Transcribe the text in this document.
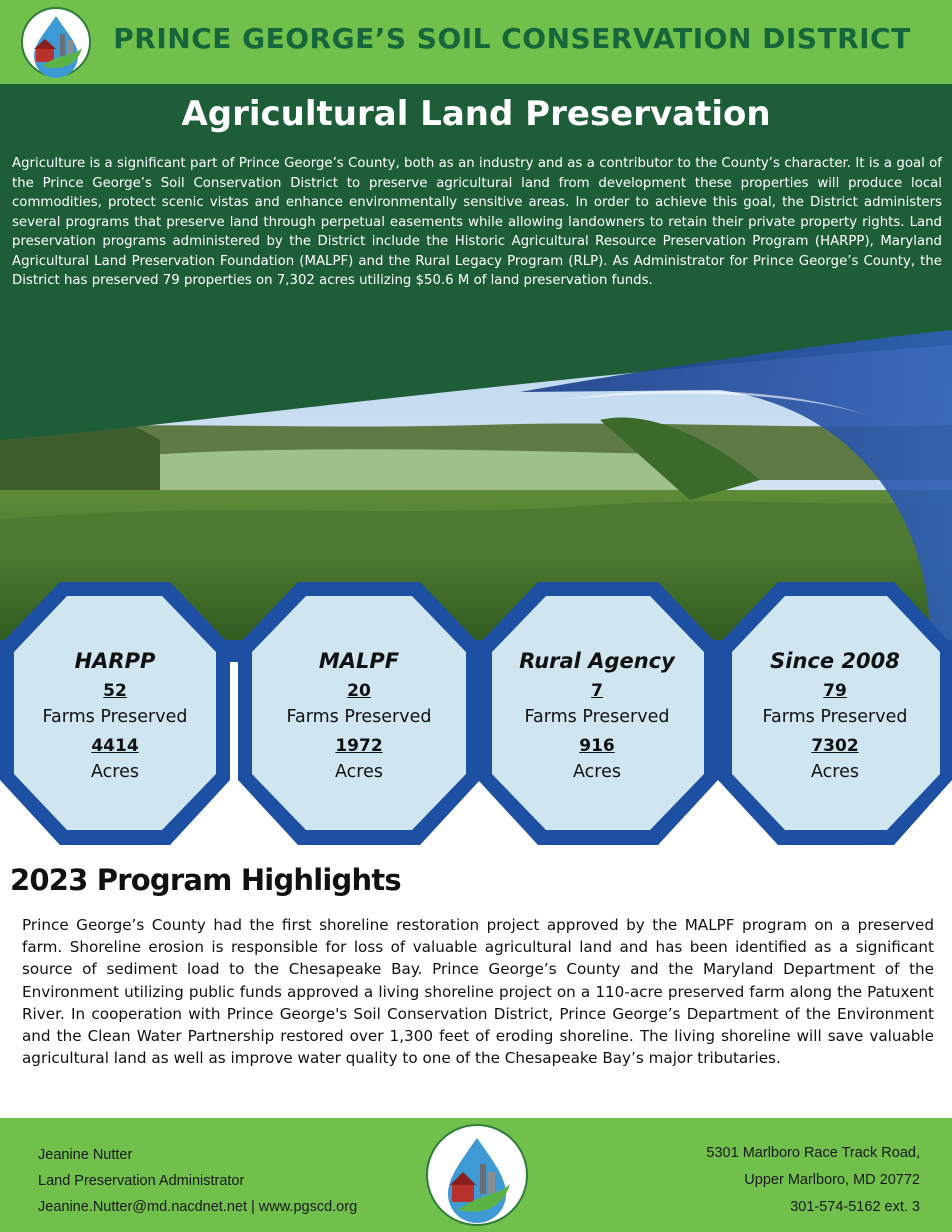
PRINCE GEORGE’S SOIL CONSERVATION DISTRICT
Agricultural Land Preservation
Agriculture is a significant part of Prince George’s County, both as an industry and as a contributor to the County’s character. It is a goal of the Prince George’s Soil Conservation District to preserve agricultural land from development these properties will produce local commodities, protect scenic vistas and enhance environmentally sensitive areas. In order to achieve this goal, the District administers several programs that preserve land through perpetual easements while allowing landowners to retain their private property rights. Land preservation programs administered by the District include the Historic Agricultural Resource Preservation Program (HARPP), Maryland Agricultural Land Preservation Foundation (MALPF) and the Rural Legacy Program (RLP). As Administrator for Prince George’s County, the District has preserved 79 properties on 7,302 acres utilizing $50.6 M of land preservation funds.
HARPP
52
Farms Preserved
4414
Acres
MALPF
20
Farms Preserved
1972
Acres
Rural Agency
7
Farms Preserved
916
Acres
Since 2008
79
Farms Preserved
7302
Acres
2023 Program Highlights
Prince George’s County had the first shoreline restoration project approved by the MALPF program on a preserved farm. Shoreline erosion is responsible for loss of valuable agricultural land and has been identified as a significant source of sediment load to the Chesapeake Bay. Prince George’s County and the Maryland Department of the Environment utilizing public funds approved a living shoreline project on a 110-acre preserved farm along the Patuxent River. In cooperation with Prince George's Soil Conservation District, Prince George’s Department of the Environment and the Clean Water Partnership restored over 1,300 feet of eroding shoreline. The living shoreline will save valuable agricultural land as well as improve water quality to one of the Chesapeake Bay’s major tributaries.
Jeanine Nutter
Land Preservation Administrator
Jeanine.Nutter@md.nacdnet.net | www.pgscd.org
5301 Marlboro Race Track Road,
Upper Marlboro, MD 20772
301-574-5162 ext. 3
